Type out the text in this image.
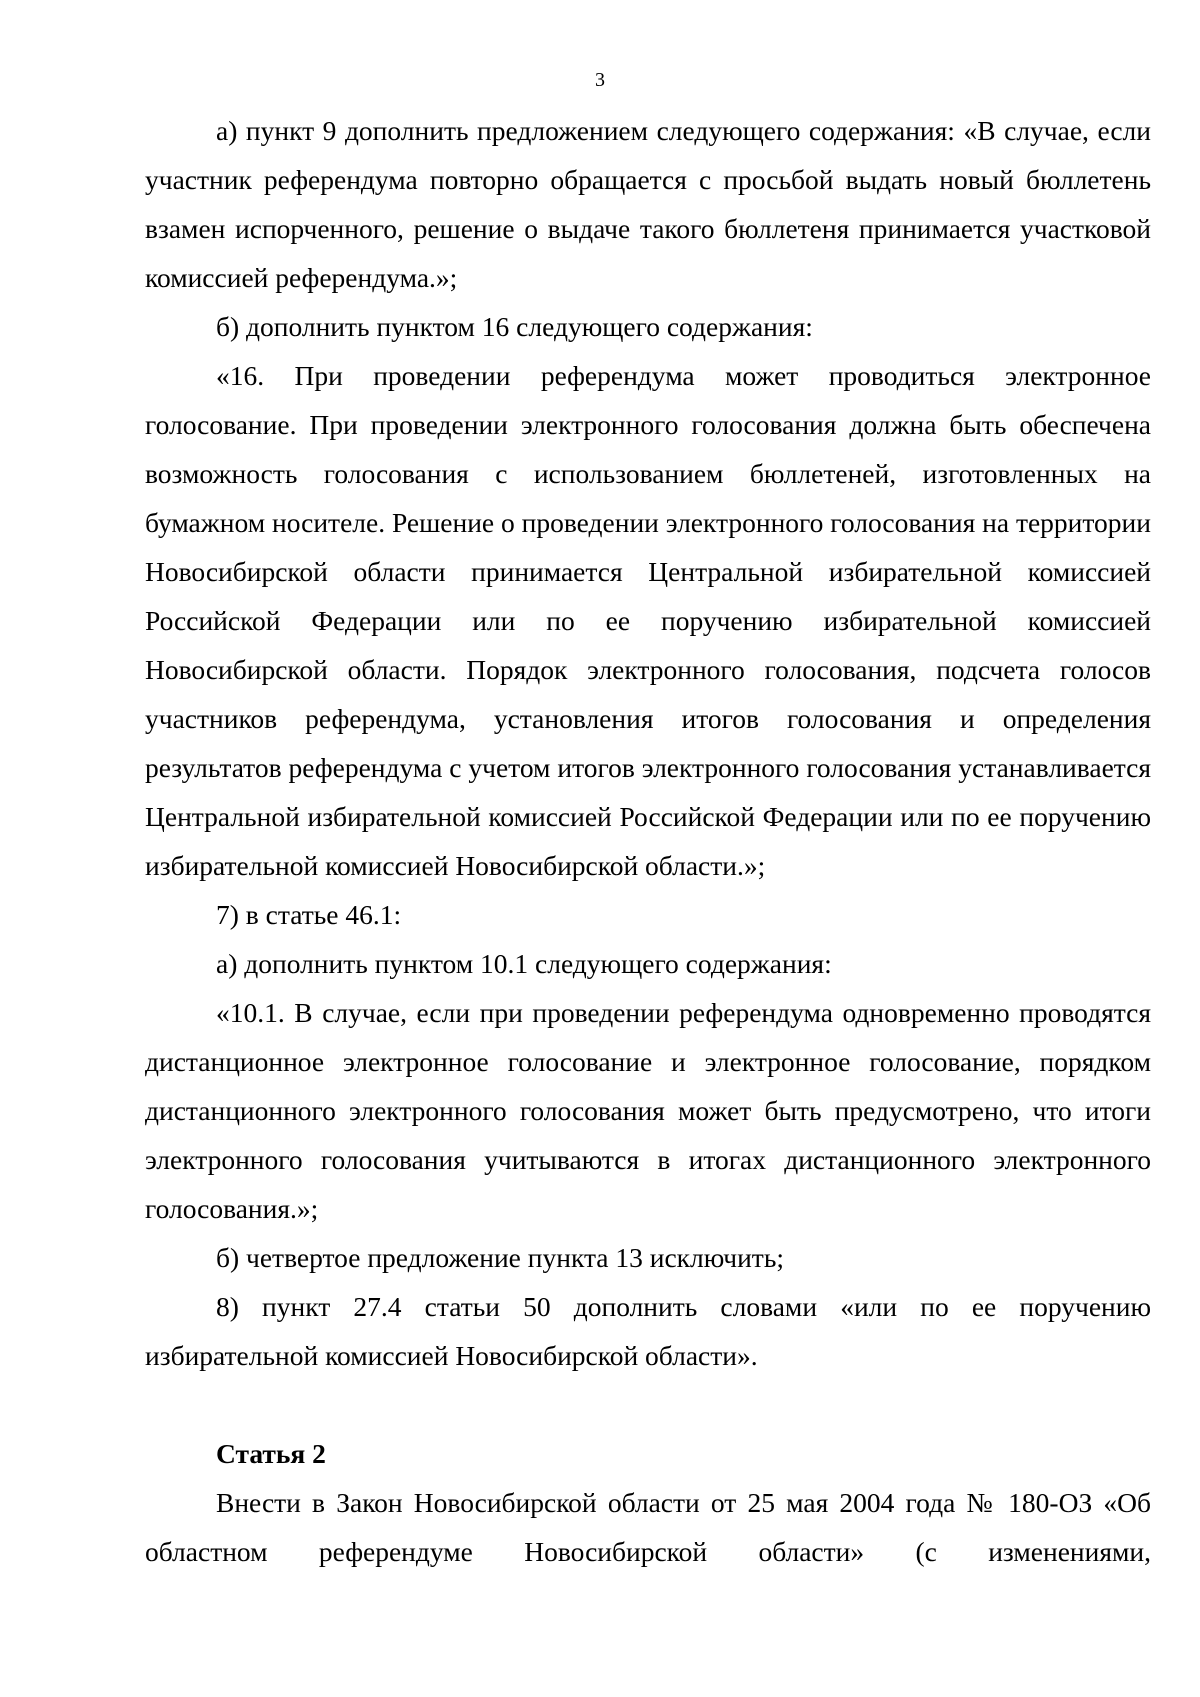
3

а) пункт 9 дополнить предложением следующего содержания: «В случае, если участник референдума повторно обращается с просьбой выдать новый бюллетень взамен испорченного, решение о выдаче такого бюллетеня принимается участковой комиссией референдума.»;

б) дополнить пунктом 16 следующего содержания:

«16. При проведении референдума может проводиться электронное голосование. При проведении электронного голосования должна быть обеспечена возможность голосования с использованием бюллетеней, изготовленных на бумажном носителе. Решение о проведении электронного голосования на территории Новосибирской области принимается Центральной избирательной комиссией Российской Федерации или по ее поручению избирательной комиссией Новосибирской области. Порядок электронного голосования, подсчета голосов участников референдума, установления итогов голосования и определения результатов референдума с учетом итогов электронного голосования устанавливается Центральной избирательной комиссией Российской Федерации или по ее поручению избирательной комиссией Новосибирской области.»;

7) в статье 46.1:

а) дополнить пунктом 10.1 следующего содержания:

«10.1. В случае, если при проведении референдума одновременно проводятся дистанционное электронное голосование и электронное голосование, порядком дистанционного электронного голосования может быть предусмотрено, что итоги электронного голосования учитываются в итогах дистанционного электронного голосования.»;

б) четвертое предложение пункта 13 исключить;

8) пункт 27.4 статьи 50 дополнить словами «или по ее поручению избирательной комиссией Новосибирской области».

Статья 2

Внести в Закон Новосибирской области от 25 мая 2004 года № 180-ОЗ «Об областном референдуме Новосибирской области» (с изменениями,
